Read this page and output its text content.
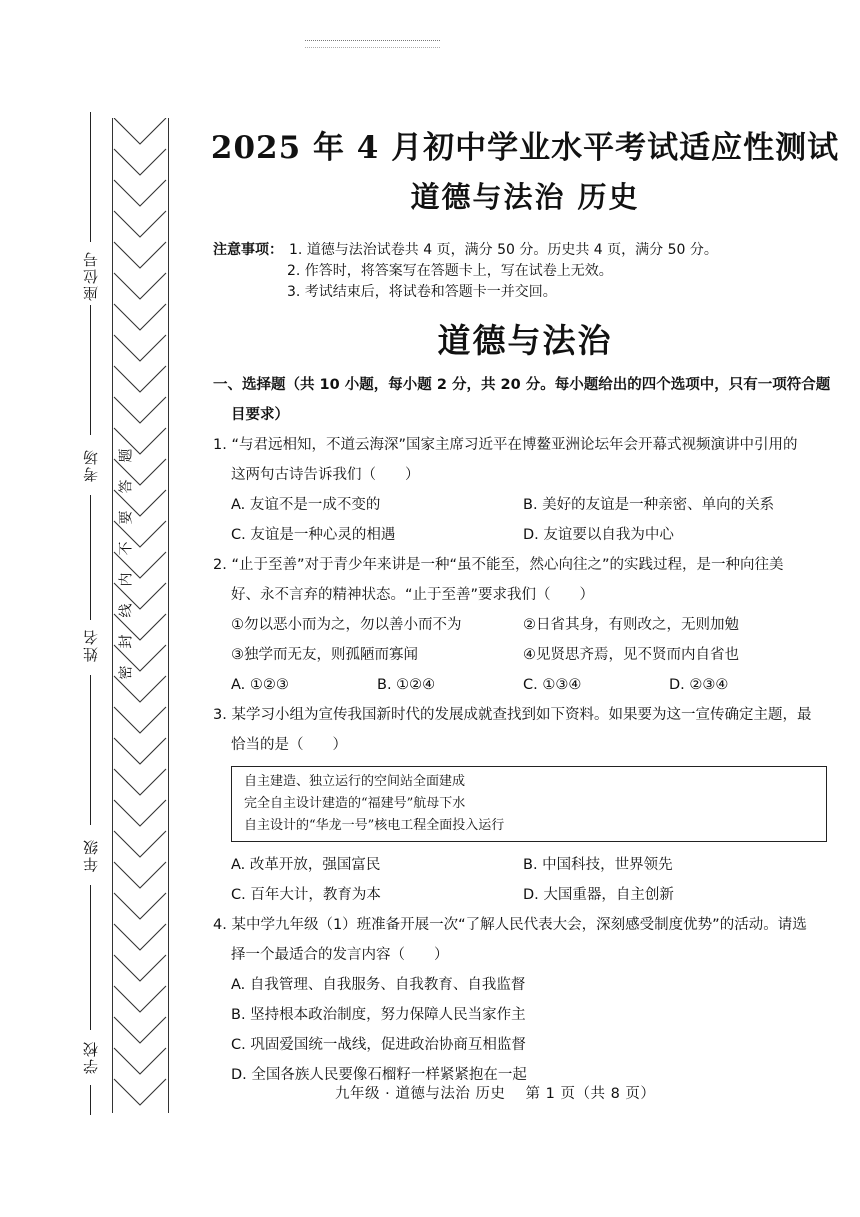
座位号
考场
姓名
年级
学校
题
答
要
不
内
线
封
密
2025 年 4 月初中学业水平考试适应性测试
道德与法治 历史
注意事项： 1. 道德与法治试卷共 4 页，满分 50 分。历史共 4 页，满分 50 分。
2. 作答时，将答案写在答题卡上，写在试卷上无效。
3. 考试结束后，将试卷和答题卡一并交回。
道德与法治

一、选择题（共 10 小题，每小题 2 分，共 20 分。每小题给出的四个选项中，只有一项符合题

目要求）

1. “与君远相知，不道云海深”国家主席习近平在博鳌亚洲论坛年会开幕式视频演讲中引用的

这两句古诗告诉我们（　　）

A. 友谊不是一成不变的	B. 美好的友谊是一种亲密、单向的关系
C. 友谊是一种心灵的相遇	D. 友谊要以自我为中心

2. “止于至善”对于青少年来讲是一种“虽不能至，然心向往之”的实践过程，是一种向往美

好、永不言弃的精神状态。“止于至善”要求我们（　　）

①勿以恶小而为之，勿以善小而不为	②日省其身，有则改之，无则加勉
③独学而无友，则孤陋而寡闻	④见贤思齐焉，见不贤而内自省也
A. ①②③	B. ①②④	C. ①③④	D. ②③④

3. 某学习小组为宣传我国新时代的发展成就查找到如下资料。如果要为这一宣传确定主题，最

恰当的是（　　）

自主建造、独立运行的空间站全面建成
完全自主设计建造的“福建号”航母下水
自主设计的“华龙一号”核电工程全面投入运行
A. 改革开放，强国富民	B. 中国科技，世界领先
C. 百年大计，教育为本	D. 大国重器，自主创新

4. 某中学九年级（1）班准备开展一次“了解人民代表大会，深刻感受制度优势”的活动。请选

择一个最适合的发言内容（　　）

A. 自我管理、自我服务、自我教育、自我监督

B. 坚持根本政治制度，努力保障人民当家作主

C. 巩固爱国统一战线，促进政治协商互相监督

D. 全国各族人民要像石榴籽一样紧紧抱在一起

九年级 · 道德与法治 历史　 第 1 页（共 8 页）
